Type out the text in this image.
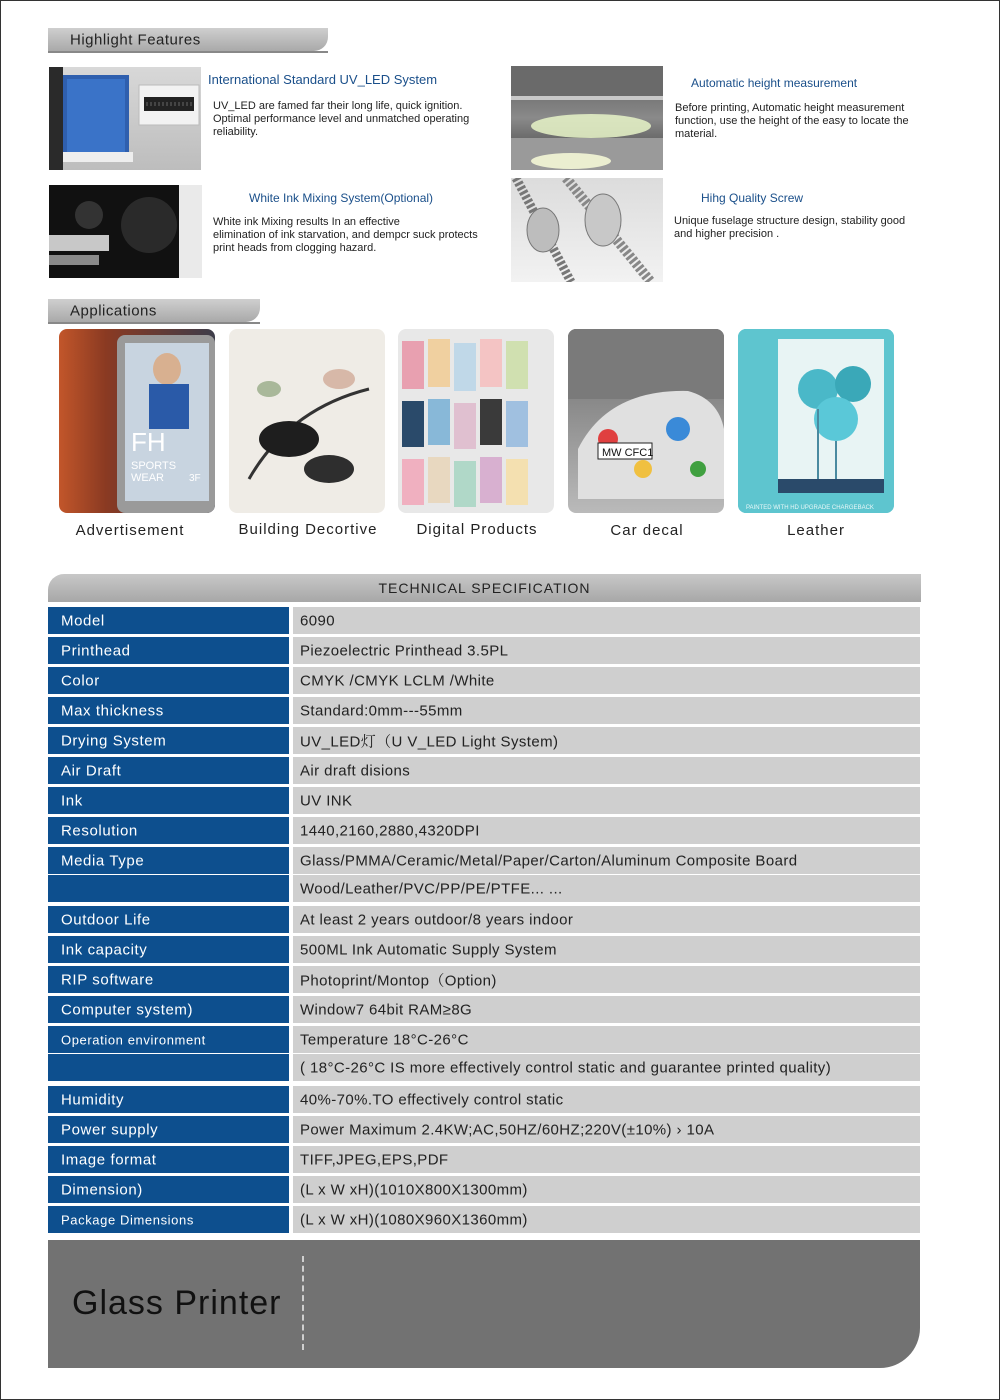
Highlight Features
International Standard UV_LED System
UV_LED are famed far their long life, quick ignition.
Optimal performance level and unmatched operating
reliability.
Automatic height measurement
Before printing, Automatic height measurement
function, use the height of the easy to locate the
material.
White Ink Mixing System(Optional)
White ink Mixing results In an effective
elimination of ink starvation, and dempcr suck protects
print heads from clogging hazard.
Hihg Quality Screw
Unique fuselage structure design, stability good
and higher precision .
Applications
FH
SPORTS
WEAR	3F
MW CFC1
PAINTED WITH HD UPGRADE CHARGEBACK
Advertisement	Building Decortive	Digital Products	Car decal	Leather
TECHNICAL SPECIFICATION
Model	6090
Printhead	Piezoelectric Printhead 3.5PL
Color	CMYK /CMYK LCLM /White
Max thickness	Standard:0mm---55mm
Drying System	UV_LED灯（U V_LED Light System)
Air Draft	Air draft disions
Ink	UV INK
Resolution	1440,2160,2880,4320DPI
Media Type	Glass/PMMA/Ceramic/Metal/Paper/Carton/Aluminum Composite Board
Wood/Leather/PVC/PP/PE/PTFE... ...
Outdoor Life	At least 2 years outdoor/8 years indoor
Ink capacity	500ML Ink Automatic Supply System
RIP software	Photoprint/Montop（Option)
Computer system)	Window7 64bit RAM≥8G
Operation environment	Temperature 18°C-26°C
( 18°C-26°C IS more effectively control static and guarantee printed quality)
Humidity	40%-70%.TO effectively control static
Power supply	Power Maximum 2.4KW;AC,50HZ/60HZ;220V(±10%) › 10A
Image format	TIFF,JPEG,EPS,PDF
Dimension)	(L x W xH)(1010X800X1300mm)
Package Dimensions	(L x W xH)(1080X960X1360mm)
Glass Printer
